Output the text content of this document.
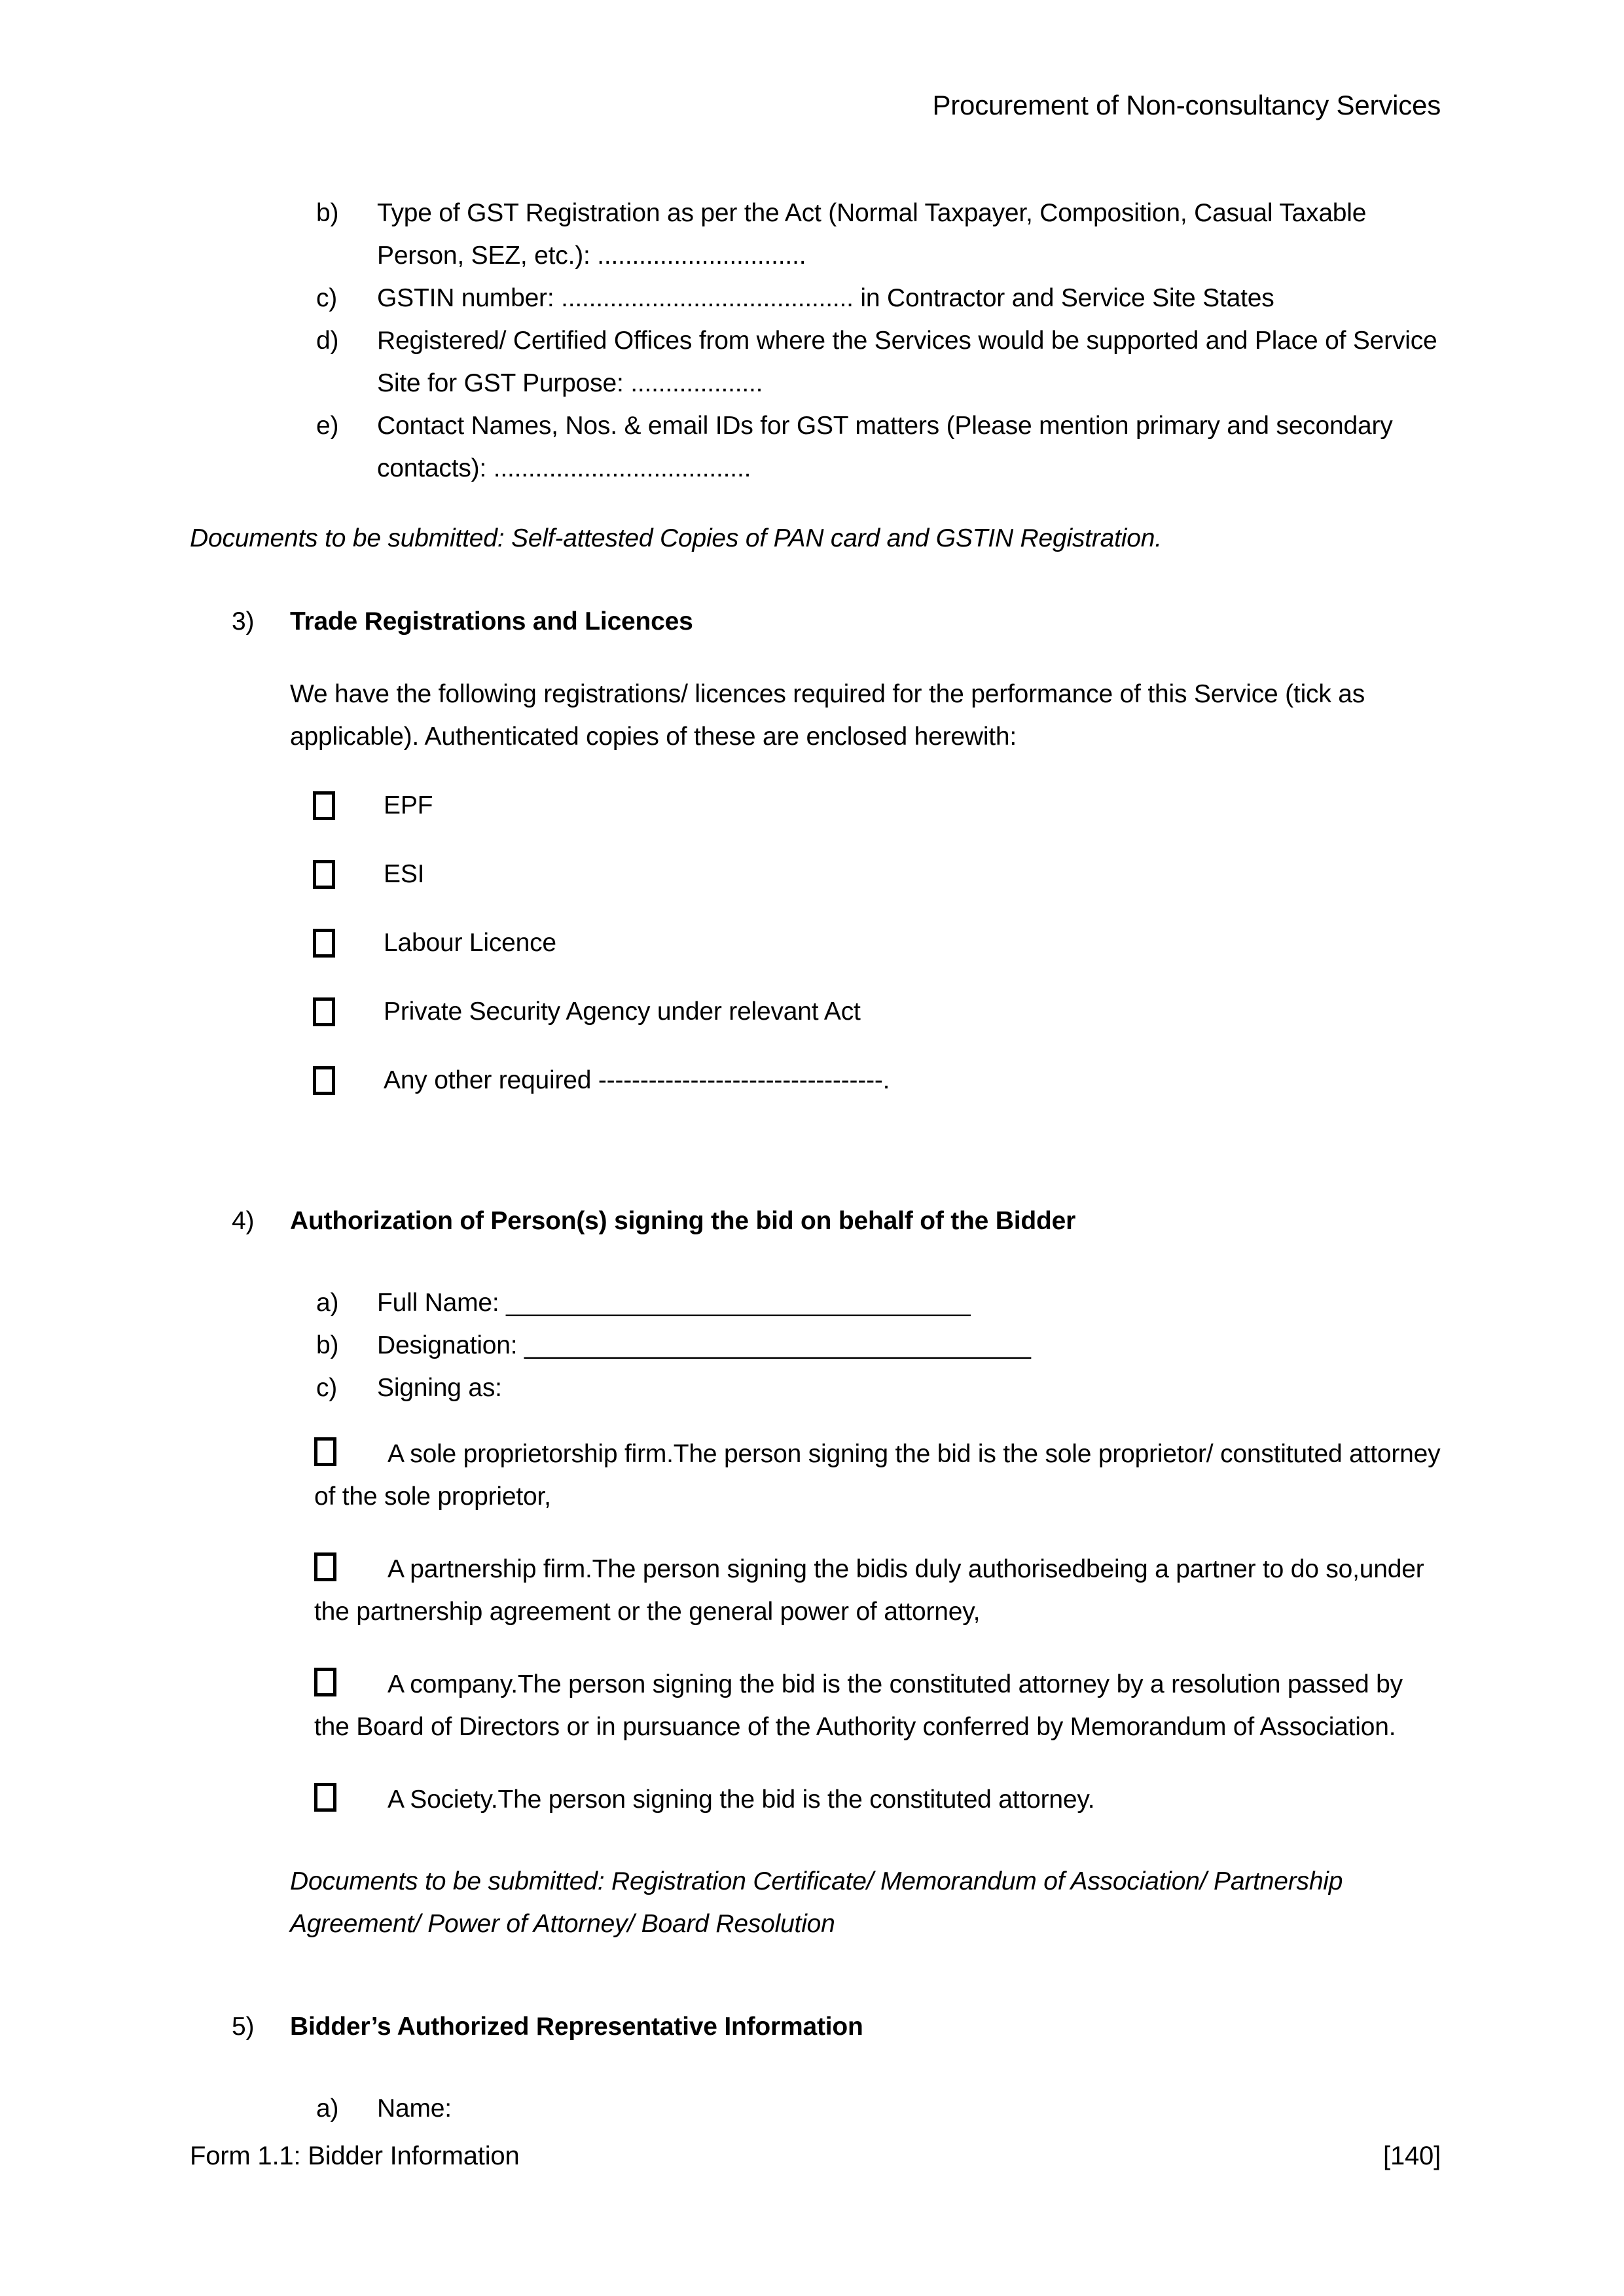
Procurement of Non-consultancy Services
b)	Type of GST Registration as per the Act (Normal Taxpayer, Composition, Casual Taxable Person, SEZ, etc.): ..............................
c)	GSTIN number: .......................................... in Contractor and Service Site States
d)	Registered/ Certified Offices from where the Services would be supported and Place of Service Site for GST Purpose: ...................
e)	Contact Names, Nos. & email IDs for GST matters (Please mention primary and secondary contacts): .....................................
Documents to be submitted: Self-attested Copies of PAN card and GSTIN Registration.
3)	Trade Registrations and Licences
We have the following registrations/ licences required for the performance of this Service (tick as applicable). Authenticated copies of these are enclosed herewith:
EPF
ESI
Labour Licence
Private Security Agency under relevant Act
Any other required ----------------------------------.
4)	Authorization of Person(s) signing the bid on behalf of the Bidder
a)	Full Name: _________________________________
b)	Designation: ____________________________________
c)	Signing as:
A sole proprietorship firm.The person signing the bid is the sole proprietor/ constituted attorney of the sole proprietor,
A partnership firm.The person signing the bidis duly authorisedbeing a partner to do so,under the partnership agreement or the general power of attorney,
A company.The person signing the bid is the constituted attorney by a resolution passed by the Board of Directors or in pursuance of the Authority conferred by Memorandum of Association.
A Society.The person signing the bid is the constituted attorney.
Documents to be submitted: Registration Certificate/ Memorandum of Association/ Partnership Agreement/ Power of Attorney/ Board Resolution
5)	Bidder’s Authorized Representative Information
a)	Name:
Form 1.1: Bidder Information	[140]
